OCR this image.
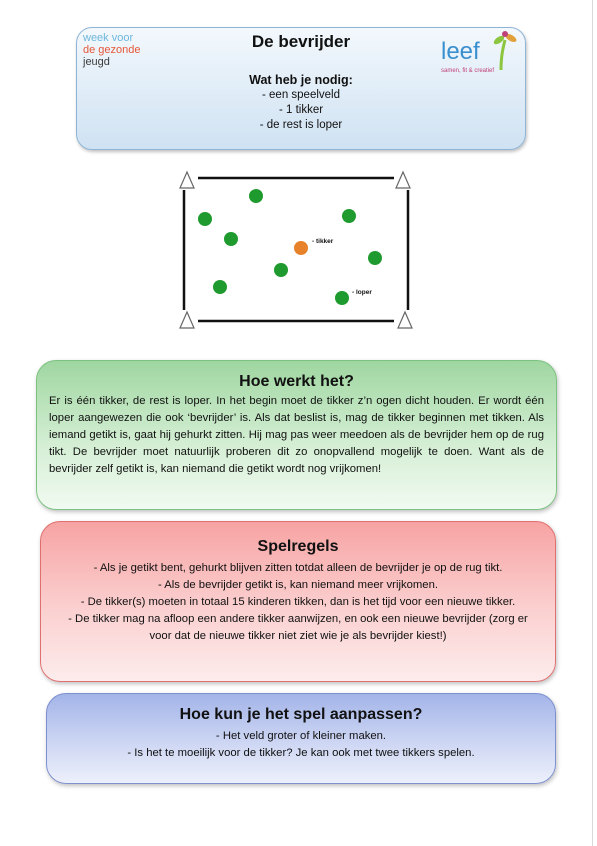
week voor
de gezonde
jeugd
De bevrijder	leef
samen, fit & creatief
Wat heb je nodig:
- een speelveld
- 1 tikker
- de rest is loper
- tikker
- loper
Hoe werkt het?

Er is één tikker, de rest is loper. In het begin moet de tikker z’n ogen dicht houden. Er wordt één loper aangewezen die ook ‘bevrijder’ is. Als dat beslist is, mag de tikker beginnen met tikken. Als iemand getikt is, gaat hij gehurkt zitten. Hij mag pas weer meedoen als de bevrijder hem op de rug tikt. De bevrijder moet natuurlijk proberen dit zo onopvallend mogelijk te doen. Want als de bevrijder zelf getikt is, kan niemand die getikt wordt nog vrijkomen!

Spelregels
- Als je getikt bent, gehurkt blijven zitten totdat alleen de bevrijder je op de rug tikt.
- Als de bevrijder getikt is, kan niemand meer vrijkomen.
- De tikker(s) moeten in totaal 15 kinderen tikken, dan is het tijd voor een nieuwe tikker.
- De tikker mag na afloop een andere tikker aanwijzen, en ook een nieuwe bevrijder (zorg er voor dat de nieuwe tikker niet ziet wie je als bevrijder kiest!)
Hoe kun je het spel aanpassen?
- Het veld groter of kleiner maken.
- Is het te moeilijk voor de tikker? Je kan ook met twee tikkers spelen.
